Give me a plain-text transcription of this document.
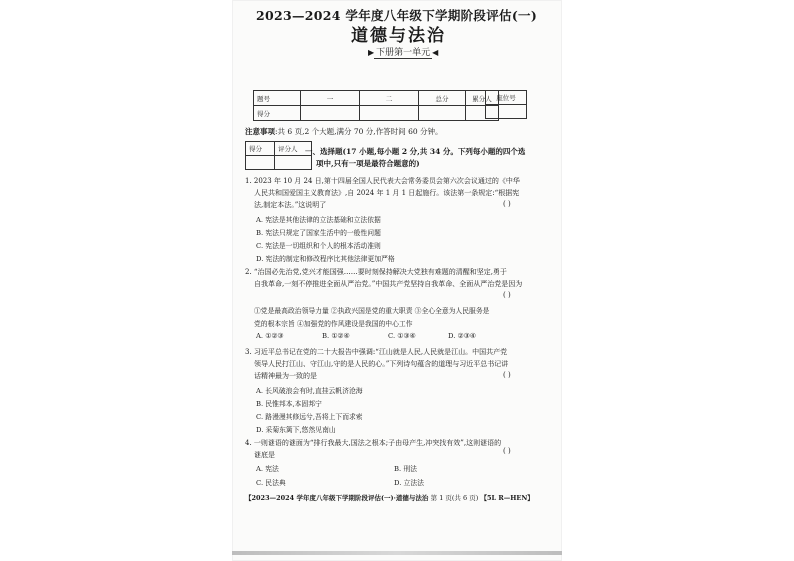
2023—2024 学年度八年级下学期阶段评估(一)
道德与法治
▶ 下册第一单元 ◀
题号	一	二	总分	累分人
得分				
座位号

注意事项:共 6 页,2 个大题,满分 70 分,作答时间 60 分钟。
得分	评分人
	一、选择题(17 小题,每小题 2 分,共 34 分。下列每小题的四个选
项中,只有一项是最符合题意的)
1. 2023 年 10 月 24 日,第十四届全国人民代表大会常务委员会第六次会议通过的《中华
人民共和国爱国主义教育法》,自 2024 年 1 月 1 日起施行。该法第一条规定:“根据宪
法,制定本法。”这说明了	( )
A. 宪法是其他法律的立法基础和立法依据
B. 宪法只规定了国家生活中的一般性问题
C. 宪法是一切组织和个人的根本活动准则
D. 宪法的制定和修改程序比其他法律更加严格
2. “治国必先治党,党兴才能国强……要时刻保持解决大党独有难题的清醒和坚定,勇于
自我革命,一刻不停推进全面从严治党。”中国共产党坚持自我革命、全面从严治党是因为
( )
①党是最高政治领导力量 ②执政兴国是党的重大职责 ③全心全意为人民服务是
党的根本宗旨 ④加强党的作风建设是我国的中心工作
A. ①②③	B. ①②④	C. ①③④	D. ②③④
3. 习近平总书记在党的二十大报告中强调:“江山就是人民,人民就是江山。中国共产党
领导人民打江山、守江山,守的是人民的心。”下列诗句蕴含的道理与习近平总书记讲
话精神最为一致的是	( )
A. 长风破浪会有时,直挂云帆济沧海
B. 民惟邦本,本固邦宁
C. 路漫漫其修远兮,吾将上下而求索
D. 采菊东篱下,悠然见南山
4. 一则谜语的谜面为“排行我最大,国法之根本;子由母产生,冲突找有效”,这则谜语的
谜底是	( )
A. 宪法	B. 刑法
C. 民法典	D. 立法法
【2023—2024 学年度八年级下学期阶段评估(一)·道德与法治 第 1 页(共 6 页) 【5L R—HEN】
